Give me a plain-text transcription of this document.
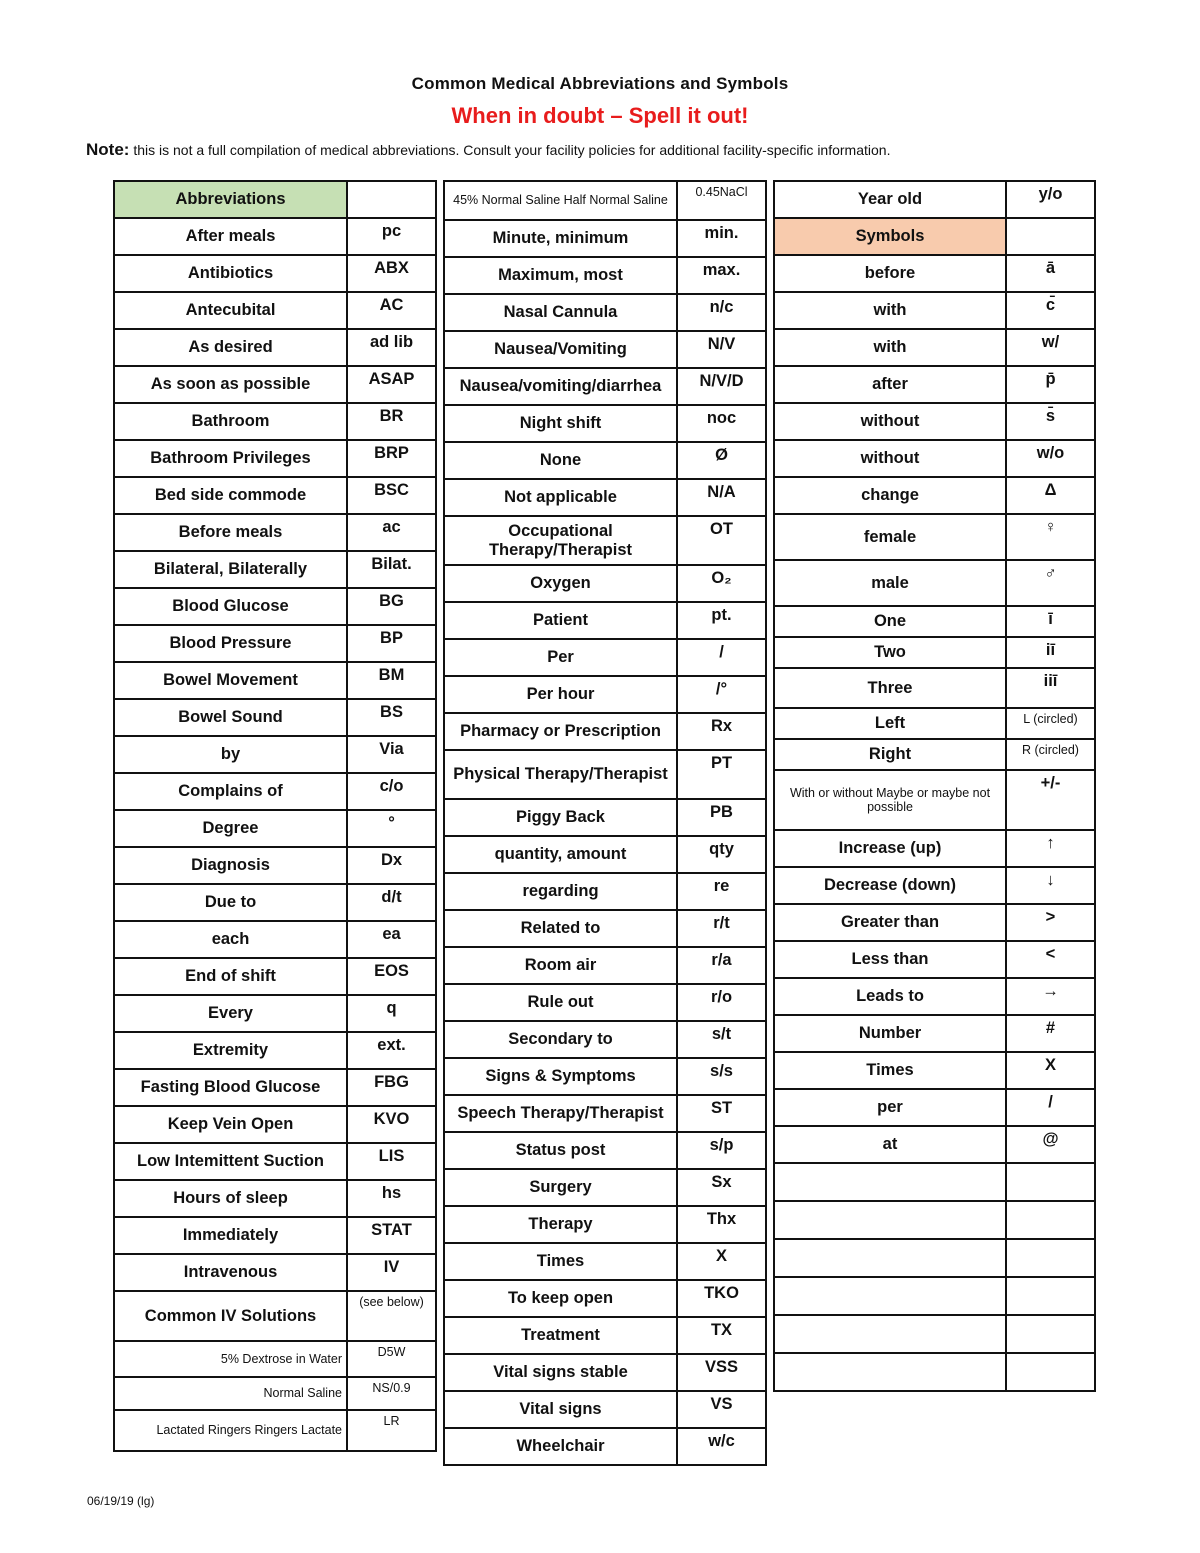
Common Medical Abbreviations and Symbols
When in doubt – Spell it out!
Note: this is not a full compilation of medical abbreviations. Consult your facility policies for additional facility-specific information.
Abbreviations	
After meals	pc
Antibiotics	ABX
Antecubital	AC
As desired	ad lib
As soon as possible	ASAP
Bathroom	BR
Bathroom Privileges	BRP
Bed side commode	BSC
Before meals	ac
Bilateral, Bilaterally	Bilat.
Blood Glucose	BG
Blood Pressure	BP
Bowel Movement	BM
Bowel Sound	BS
by	Via
Complains of	c/o
Degree	°
Diagnosis	Dx
Due to	d/t
each	ea
End of shift	EOS
Every	q
Extremity	ext.
Fasting Blood Glucose	FBG
Keep Vein Open	KVO
Low Intemittent Suction	LIS
Hours of sleep	hs
Immediately	STAT
Intravenous	IV
Common IV Solutions	(see below)
5% Dextrose in Water	D5W
Normal Saline	NS/0.9
Lactated Ringers Ringers Lactate	LR
45% Normal Saline Half Normal Saline	0.45NaCl
Minute, minimum	min.
Maximum, most	max.
Nasal Cannula	n/c
Nausea/Vomiting	N/V
Nausea/vomiting/diarrhea	N/V/D
Night shift	noc
None	Ø
Not applicable	N/A
Occupational Therapy/Therapist	OT
Oxygen	O₂
Patient	pt.
Per	/
Per hour	/°
Pharmacy or Prescription	Rx
Physical Therapy/Therapist	PT
Piggy Back	PB
quantity, amount	qty
regarding	re
Related to	r/t
Room air	r/a
Rule out	r/o
Secondary to	s/t
Signs & Symptoms	s/s
Speech Therapy/Therapist	ST
Status post	s/p
Surgery	Sx
Therapy	Thx
Times	X
To keep open	TKO
Treatment	TX
Vital signs stable	VSS
Vital signs	VS
Wheelchair	w/c
Year old	y/o
Symbols	
before	ā
with	c̄
with	w/
after	p̄
without	s̄
without	w/o
change	Δ
female	♀
male	♂
One	ī
Two	iī
Three	iiī
Left	L (circled)
Right	R (circled)
With or without Maybe or maybe not possible	+/-
Increase (up)	↑
Decrease (down)	↓
Greater than	>
Less than	<
Leads to	→
Number	#
Times	X
per	/
at	@

06/19/19 (lg)
